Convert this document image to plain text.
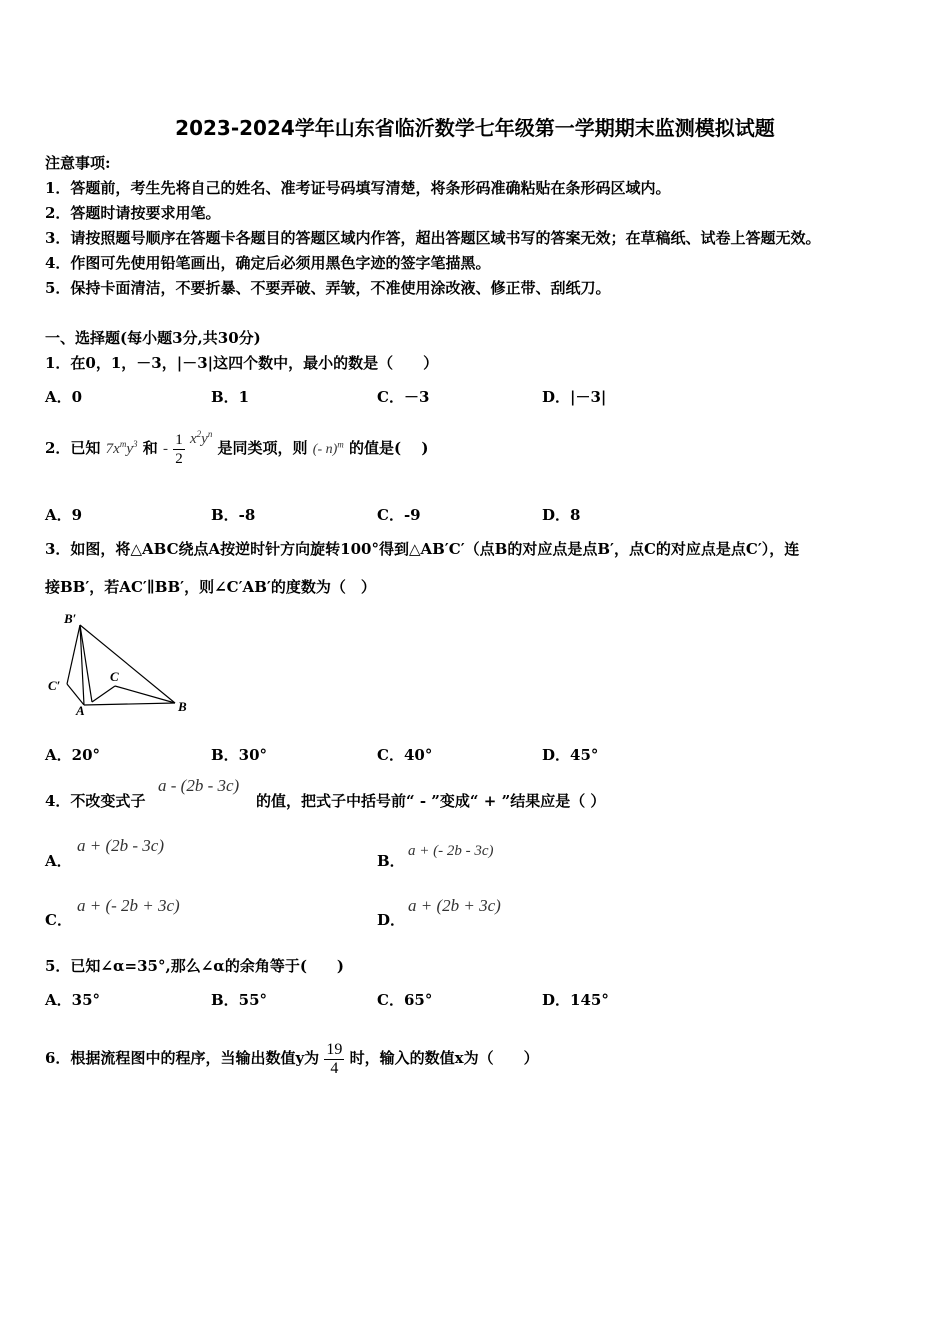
2023-2024学年山东省临沂数学七年级第一学期期末监测模拟试题
注意事项:
1．答题前，考生先将自己的姓名、准考证号码填写清楚，将条形码准确粘贴在条形码区域内。
2．答题时请按要求用笔。
3．请按照题号顺序在答题卡各题目的答题区域内作答，超出答题区域书写的答案无效；在草稿纸、试卷上答题无效。
4．作图可先使用铅笔画出，确定后必须用黑色字迹的签字笔描黑。
5．保持卡面清洁，不要折暴、不要弄破、弄皱，不准使用涂改液、修正带、刮纸刀。
一、选择题(每小题3分,共30分)
1．在0，1，－3，|－3|这四个数中，最小的数是（　　）
A．0	B．1	C．－3	D．|－3|
2．已知 $7x^my^3$ 和 - $\frac{1}{2} x^2y^n$ 是同类项，则 (- n)$^m$ 的值是(　 )
A．9	B．-8	C．-9	D．8
3．如图，将△ABC绕点A按逆时针方向旋转100°得到△AB′C′（点B的对应点是点B′，点C的对应点是点C′），连
接BB′，若AC′∥BB′，则∠C′AB′的度数为（　）
B′
C′
C
A	B
A．20°	B．30°	C．40°	D．45°
4．不改变式子
a - (2b - 3c)
的值，把式子中括号前“ - ”变成“ + ”结果应是（ ）
A．
a + (2b - 3c)
B．
a + (- 2b - 3c)
C．
a + (- 2b + 3c)
D．
a + (2b + 3c)
5．已知∠α=35°,那么∠α的余角等于(　　)
A．35°	B．55°	C．65°	D．145°
6．根据流程图中的程序，当输出数值y为 $\frac{19}{4}$ 时，输入的数值x为（　　）
